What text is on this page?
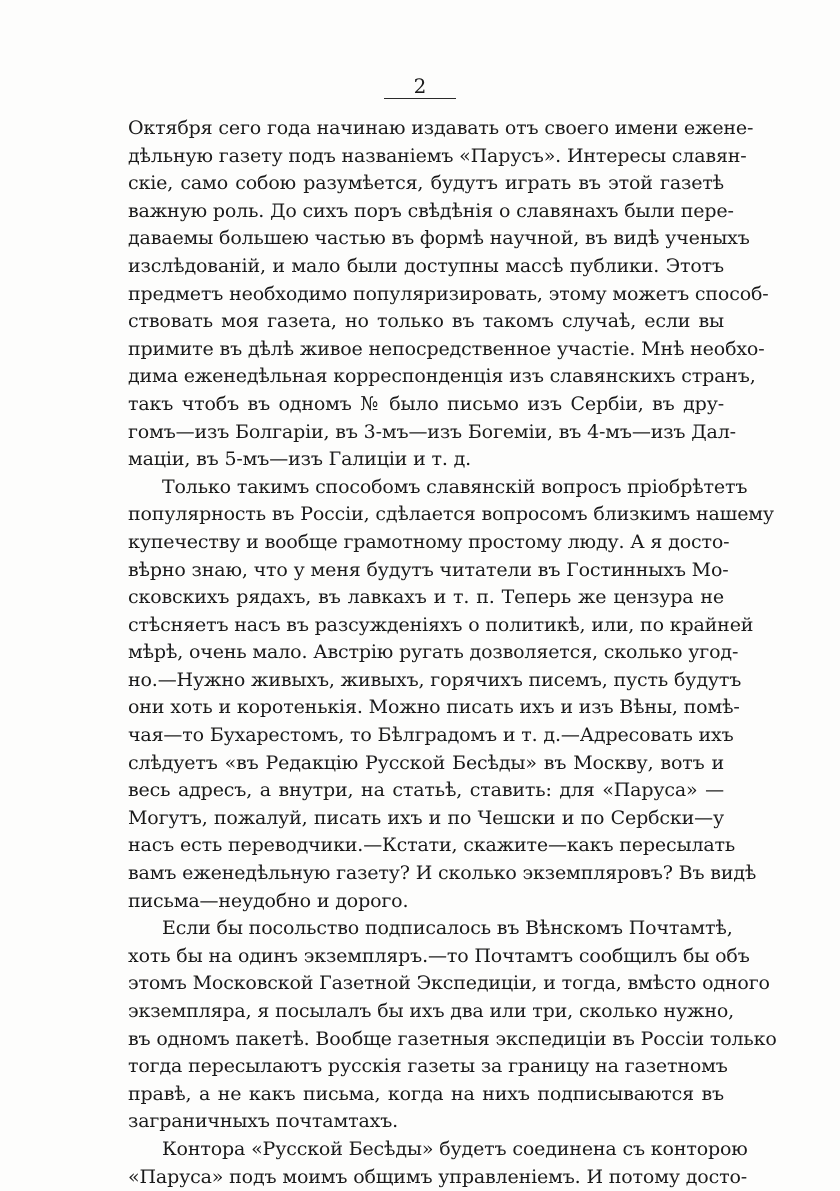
2
Октября сего года начинаю издавать отъ своего имени ежене-
дѣльную газету подъ названіемъ «Парусъ». Интересы славян-
скіе, само собою разумѣется, будутъ играть въ этой газетѣ
важную роль. До сихъ поръ свѣдѣнія о славянахъ были пере-
даваемы большею частью въ формѣ научной, въ видѣ ученыхъ
изслѣдованій, и мало были доступны массѣ публики. Этотъ
предметъ необходимо популяризировать, этому можетъ способ-
ствовать моя газета, но только въ такомъ случаѣ, если вы
примите въ дѣлѣ живое непосредственное участіе. Мнѣ необхо-
дима еженедѣльная корреспонденція изъ славянскихъ странъ,
такъ чтобъ въ одномъ № было письмо изъ Сербіи, въ дру-
гомъ—изъ Болгаріи, въ 3-мъ—изъ Богеміи, въ 4-мъ—изъ Дал-
маціи, въ 5-мъ—изъ Галиціи и т. д.
Только такимъ способомъ славянскій вопросъ пріобрѣтетъ
популярность въ Россіи, сдѣлается вопросомъ близкимъ нашему
купечеству и вообще грамотному простому люду. А я досто-
вѣрно знаю, что у меня будутъ читатели въ Гостинныхъ Мо-
сковскихъ рядахъ, въ лавкахъ и т. п. Теперь же цензура не
стѣсняетъ насъ въ разсужденіяхъ о политикѣ, или, по крайней
мѣрѣ, очень мало. Австрію ругать дозволяется, сколько угод-
но.—Нужно живыхъ, живыхъ, горячихъ писемъ, пусть будутъ
они хоть и коротенькія. Можно писать ихъ и изъ Вѣны, помѣ-
чая—то Бухарестомъ, то Бѣлградомъ и т. д.—Адресовать ихъ
слѣдуетъ «въ Редакцію Русской Бесѣды» въ Москву, вотъ и
весь адресъ, а внутри, на статьѣ, ставить: для «Паруса» —
Могутъ, пожалуй, писать ихъ и по Чешски и по Сербски—у
насъ есть переводчики.—Кстати, скажите—какъ пересылать
вамъ еженедѣльную газету? И сколько экземпляровъ? Въ видѣ
письма—неудобно и дорого.
Если бы посольство подписалось въ Вѣнскомъ Почтамтѣ,
хоть бы на одинъ экземпляръ.—то Почтамтъ сообщилъ бы объ
этомъ Московской Газетной Экспедиціи, и тогда, вмѣсто одного
экземпляра, я посылалъ бы ихъ два или три, сколько нужно,
въ одномъ пакетѣ. Вообще газетныя экспедиціи въ Россіи только
тогда пересылаютъ русскія газеты за границу на газетномъ
правѣ, а не какъ письма, когда на нихъ подписываются въ
заграничныхъ почтамтахъ.
Контора «Русской Бесѣды» будетъ соединена съ конторою
«Паруса» подъ моимъ общимъ управленіемъ. И потому досто-
